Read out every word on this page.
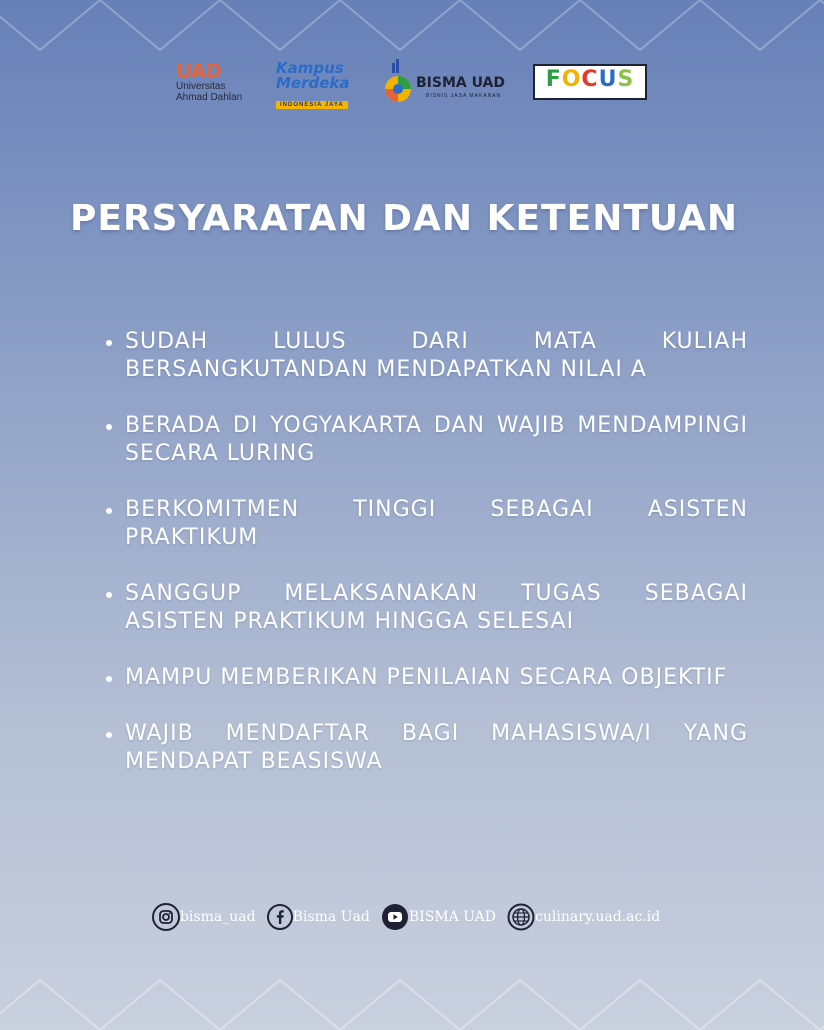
UAD
Universitas
Ahmad Dahlan
Kampus
Merdeka
INDONESIA JAYA
BISMA UAD
BISNIS JASA MAKANAN
FOCUS
PERSYARATAN DAN KETENTUAN
SUDAH LULUS DARI MATA KULIAH BERSANGKUTANDAN MENDAPATKAN NILAI A
BERADA DI YOGYAKARTA DAN WAJIB MENDAMPINGI SECARA LURING
BERKOMITMEN TINGGI SEBAGAI ASISTEN PRAKTIKUM
SANGGUP MELAKSANAKAN TUGAS SEBAGAI ASISTEN PRAKTIKUM HINGGA SELESAI
MAMPU MEMBERIKAN PENILAIAN SECARA OBJEKTIF
WAJIB MENDAFTAR BAGI MAHASISWA/I YANG MENDAPAT BEASISWA
bisma_uad	Bisma Uad	BISMA UAD	culinary.uad.ac.id
